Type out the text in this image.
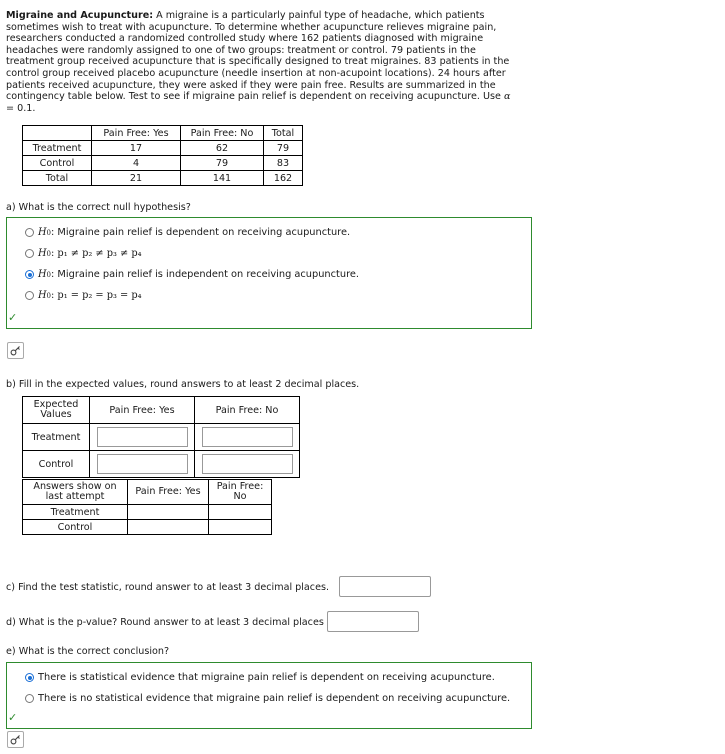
Migraine and Acupuncture: A migraine is a particularly painful type of headache, which patients sometimes wish to treat with acupuncture. To determine whether acupuncture relieves migraine pain, researchers conducted a randomized controlled study where 162 patients diagnosed with migraine headaches were randomly assigned to one of two groups: treatment or control. 79 patients in the treatment group received acupuncture that is specifically designed to treat migraines. 83 patients in the control group received placebo acupuncture (needle insertion at non-acupoint locations). 24 hours after patients received acupuncture, they were asked if they were pain free. Results are summarized in the contingency table below. Test to see if migraine pain relief is dependent on receiving acupuncture. Use α = 0.1.
	Pain Free: Yes	Pain Free: No	Total
Treatment	17	62	79
Control	4	79	83
Total	21	141	162
a) What is the correct null hypothesis?
H 0 : Migraine pain relief is dependent on receiving acupuncture.
H 0 : p₁ ≠ p₂ ≠ p₃ ≠ p₄
H 0 : Migraine pain relief is independent on receiving acupuncture.
H 0 : p₁ = p₂ = p₃ = p₄
✓
b) Fill in the expected values, round answers to at least 2 decimal places.
Expected Values	Pain Free: Yes	Pain Free: No
Treatment	

Control	

Answers show on last attempt	Pain Free: Yes	Pain Free: No
Treatment		
Control		
c) Find the test statistic, round answer to at least 3 decimal places.
d) What is the p-value? Round answer to at least 3 decimal places
e) What is the correct conclusion?
There is statistical evidence that migraine pain relief is dependent on receiving acupuncture.
There is no statistical evidence that migraine pain relief is dependent on receiving acupuncture.
✓
